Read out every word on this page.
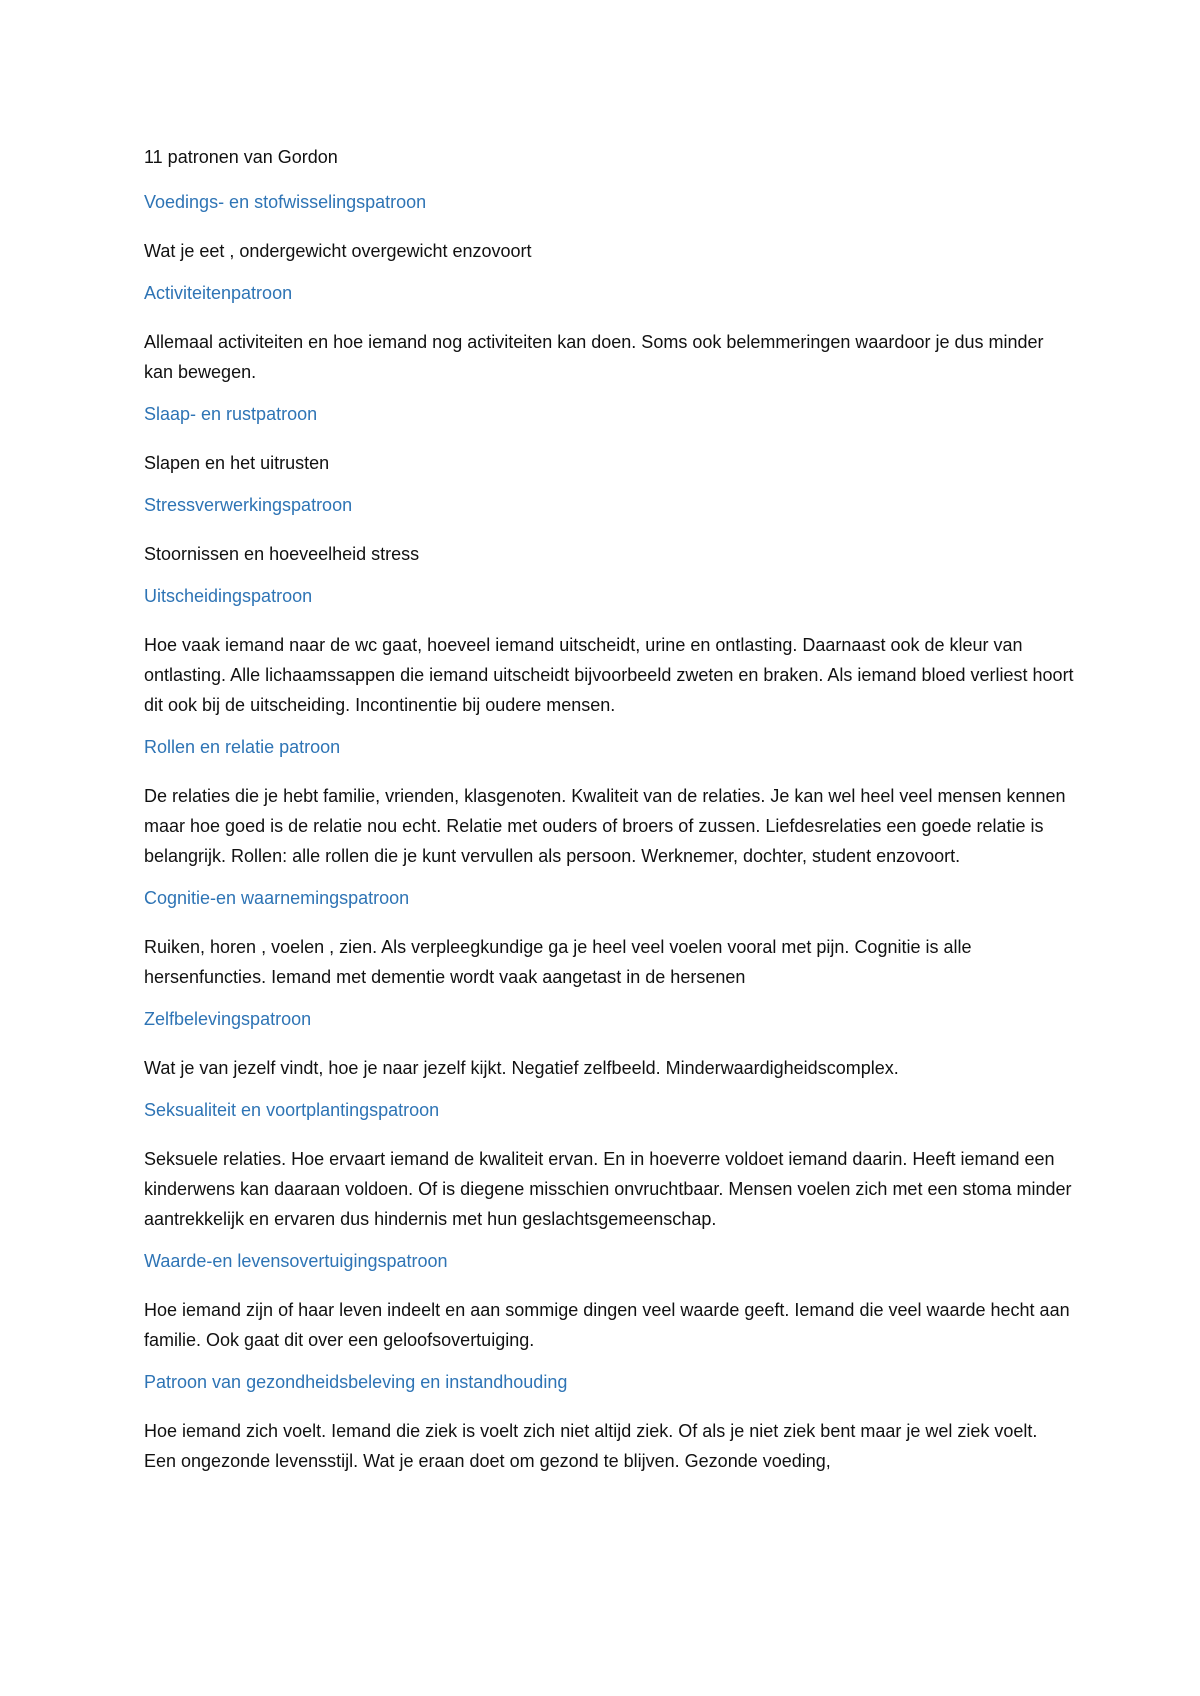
11 patronen van Gordon
Voedings- en stofwisselingspatroon
Wat je eet , ondergewicht overgewicht enzovoort
Activiteitenpatroon
Allemaal activiteiten en hoe iemand nog activiteiten kan doen. Soms ook belemmeringen waardoor je dus minder kan bewegen.
Slaap- en rustpatroon
Slapen en het uitrusten
Stressverwerkingspatroon
Stoornissen en hoeveelheid stress
Uitscheidingspatroon
Hoe vaak iemand naar de wc gaat, hoeveel iemand uitscheidt, urine en ontlasting. Daarnaast ook de kleur van ontlasting. Alle lichaamssappen die iemand uitscheidt bijvoorbeeld zweten en braken. Als iemand bloed verliest hoort dit ook bij de uitscheiding. Incontinentie bij oudere mensen.
Rollen en relatie patroon
De relaties die je hebt familie, vrienden, klasgenoten. Kwaliteit van de relaties. Je kan wel heel veel mensen kennen maar hoe goed is de relatie nou echt. Relatie met ouders of broers of zussen. Liefdesrelaties een goede relatie is belangrijk. Rollen: alle rollen die je kunt vervullen als persoon. Werknemer, dochter, student enzovoort.
Cognitie-en waarnemingspatroon
Ruiken, horen , voelen , zien. Als verpleegkundige ga je heel veel voelen vooral met pijn. Cognitie is alle hersenfuncties. Iemand met dementie wordt vaak aangetast in de hersenen
Zelfbelevingspatroon
Wat je van jezelf vindt, hoe je naar jezelf kijkt. Negatief zelfbeeld. Minderwaardigheidscomplex.
Seksualiteit en voortplantingspatroon
Seksuele relaties. Hoe ervaart iemand de kwaliteit ervan. En in hoeverre voldoet iemand daarin. Heeft iemand een kinderwens kan daaraan voldoen. Of is diegene misschien onvruchtbaar. Mensen voelen zich met een stoma minder aantrekkelijk en ervaren dus hindernis met hun geslachtsgemeenschap.
Waarde-en levensovertuigingspatroon
Hoe iemand zijn of haar leven indeelt en aan sommige dingen veel waarde geeft. Iemand die veel waarde hecht aan familie. Ook gaat dit over een geloofsovertuiging.
Patroon van gezondheidsbeleving en instandhouding
Hoe iemand zich voelt. Iemand die ziek is voelt zich niet altijd ziek. Of als je niet ziek bent maar je wel ziek voelt. Een ongezonde levensstijl. Wat je eraan doet om gezond te blijven. Gezonde voeding,
